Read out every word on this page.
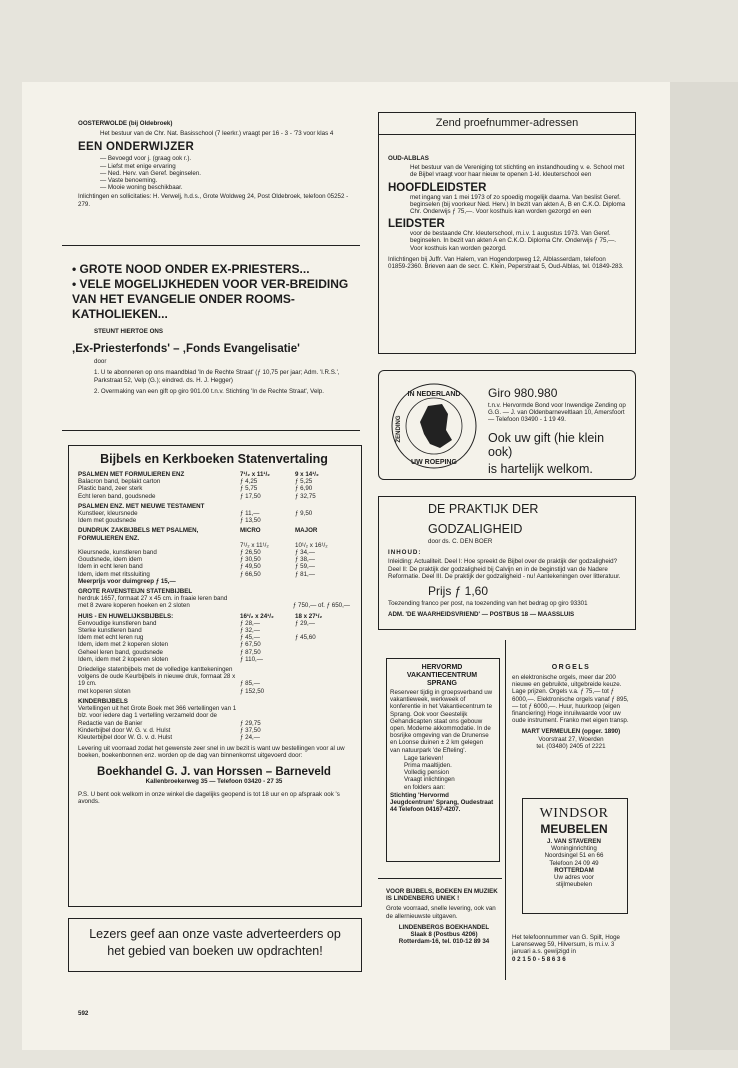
OOSTERWOLDE (bij Oldebroek)
Het bestuur van de Chr. Nat. Basisschool (7 leerkr.) vraagt per 16 - 3 - '73 voor klas 4
EEN ONDERWIJZER
— Bevoegd voor j. (graag ook r.).
— Liefst met enige ervaring
— Ned. Herv. van Geref. beginselen.
— Vaste benoeming.
— Mooie woning beschikbaar.
Inlichtingen en sollicitaties: H. Verwelj, h.d.s., Grote Woldweg 24, Post Oldebroek, telefoon 05252 - 279.
• GROTE NOOD ONDER EX-PRIESTERS...
• VELE MOGELIJKHEDEN VOOR VER-BREIDING VAN HET EVANGELIE ONDER ROOMS-KATHOLIEKEN...
STEUNT HIERTOE ONS
‚Ex-Priesterfonds' – ‚Fonds Evangelisatie'
door
1. U te abonneren op ons maandblad 'In de Rechte Straat' (ƒ 10,75 per jaar; Adm. 'I.R.S.', Parkstraat 52, Velp (G.); eindred. ds. H. J. Hegger)
2. Overmaking van een gift op giro 901.00 t.n.v. Stichting 'In de Rechte Straat', Velp.
Bijbels en Kerkboeken Statenvertaling
PSALMEN MET FORMULIEREN ENZ	7¹/₂ x 11¹/₂	9 x 14¹/₂
Balacron band, beplakt carton	ƒ 4,25	ƒ 5,25
Plastic band, zeer sterk	ƒ 5,75	ƒ 6,90
Echt leren band, goudsnede	ƒ 17,50	ƒ 32,75
PSALMEN ENZ. MET NIEUWE TESTAMENT
Kunstleer, kleursnede	ƒ 11,—	ƒ 9,50
Idem met goudsnede	ƒ 13,50
DUNDRUK ZAKBIJBELS MET PSALMEN, FORMULIEREN ENZ.
MICRO	MAJOR
7¹/₂ x 11¹/₂	10¹/₂ x 16¹/₂
Kleursnede, kunstleren band	ƒ 26,50	ƒ 34,—
Goudsnede, idem idem	ƒ 30,50	ƒ 38,—
Idem in echt leren band	ƒ 49,50	ƒ 59,—
Idem, idem met ritssluiting	ƒ 66,50	ƒ 81,—
Meerprijs voor duimgreep ƒ 15,—
GROTE RAVENSTEIJN STATENBIJBEL
herdruk 1657, formaat 27 x 45 cm. in fraaie leren band met 8 zware koperen hoeken en 2 sloten	ƒ 750,— of. ƒ 650,—
HUIS - EN HUWELIJKSBIJBELS:	16¹/₂ x 24¹/₂	18 x 27¹/₂
Eenvoudige kunstleren band	ƒ 28,—	ƒ 29,—
Sterke kunstleren band	ƒ 32,—
Idem met echt leren rug	ƒ 45,—	ƒ 45,60
Idem, idem met 2 koperen sloten	ƒ 67,50
Geheel leren band, goudsnede	ƒ 87,50
Idem, idem met 2 koperen sloten	ƒ 110,—
Driedelige statenbijbels met de volledige kanttekeningen volgens de oude Keurbijbels in nieuwe druk, formaat 28 x 19 cm.	ƒ 85,—
met koperen sloten	ƒ 152,50
KINDERBIJBELS
Vertellingen uit het Grote Boek met 366 vertellingen van 1 blz. voor iedere dag 1 vertelling verzameld door de Redactie van de Banier	ƒ 29,75
Kinderbijbel door W. G. v. d. Hulst	ƒ 37,50
Kleuterbijbel door W. G. v. d. Hulst	ƒ 24,—
Levering uit voorraad zodat het gewenste zeer snel in uw bezit is want uw bestellingen voor al uw boeken, boekenbonnen enz. worden op de dag van binnenkomst uitgevoerd door:
Boekhandel G. J. van Horssen – Barneveld
Kallenbroekerweg 35 — Telefoon 03420 - 27 35
P.S. U bent ook welkom in onze winkel die dagelijks geopend is tot 18 uur en op afspraak ook 's avonds.
Lezers geef aan onze vaste adverteerders op het gebied van boeken uw opdrachten!
592
Zend proefnummer-adressen
OUD-ALBLAS
Het bestuur van de Vereniging tot stichting en instandhouding v. e. School met de Bijbel vraagt voor haar nieuw te openen 1-kl. kleuterschool een
HOOFDLEIDSTER
met ingang van 1 mei 1973 of zo spoedig mogelijk daarna. Van beslist Geref. beginselen (bij voorkeur Ned. Herv.) In bezit van akten A, B en C.K.O. Diploma Chr. Onderwijs ƒ 75,—. Voor kosthuis kan worden gezorgd en een
LEIDSTER
voor de bestaande Chr. kleuterschool, m.i.v. 1 augustus 1973. Van Geref. beginselen. In bezit van akten A en C.K.O. Diploma Chr. Onderwijs ƒ 75,—. Voor kosthuis kan worden gezorgd.
Inlichtingen bij Juffr. Van Halem, van Hogendorpweg 12, Alblasserdam, telefoon 01859-2360. Brieven aan de secr. C. Klein, Peperstraat 5, Oud-Alblas, tel. 01849-283.
IN NEDERLAND
UW ROEPING
ZENDING
Giro 980.980
t.n.v. Hervormde Bond voor Inwendige Zending op G.G. — J. van Oldenbarneveltlaan 10, Amersfoort — Telefoon 03490 - 1 19 49.
Ook uw gift (hie klein ook)
is hartelijk welkom.
DE PRAKTIJK DER
GODZALIGHEID
door ds. C. DEN BOER
INHOUD:
Inleiding: Actualiteit. Deel I: Hoe spreekt de Bijbel over de praktijk der godzaligheid? Deel II: De praktijk der godzaligheid bij Calvijn en in de beginstijd van de Nadere Reformatie. Deel III. De praktijk der godzaligheid - nu! Aantekeningen over litteratuur.
Prijs ƒ 1,60
Toezending franco per post, na toezending van het bedrag op giro 93301
ADM. 'DE WAARHEIDSVRIEND' — POSTBUS 18 — MAASSLUIS
HERVORMD
VAKANTIECENTRUM
SPRANG
Reserveer tijdig in groepsverband uw vakantieweek, werkweek of konferentie in het Vakantiecentrum te Sprang. Ook voor Geestelijk Gehandicapten staat ons gebouw open. Moderne akkommodatie. In de bosrijke omgeving van de Drunense en Loonse duinen ± 2 km gelegen van natuurpark 'de Efteling'.
Lage tarieven!
Prima maaltijden.
Volledig pension
Vraagt inlichtingen
en folders aan:
Stichting 'Hervormd Jeugdcentrum' Sprang, Oudestraat 44 Telefoon 04167-4207.
VOOR BIJBELS, BOEKEN EN MUZIEK IS LINDENBERG UNIEK !
Grote voorraad, snelle levering, ook van de allernieuwste uitgaven.
LINDENBERGS BOEKHANDEL
Slaak 8 (Postbus 4206)
Rotterdam-16, tel. 010-12 89 34
ORGELS
en elektronische orgels, meer dar 200 nieuwe en gebruikte, uitgebreide keuze. Lage prijzen. Orgels v.a. ƒ 75,— tot ƒ 6000,—. Elektronische orgels vanaf ƒ 895,— tot ƒ 6000,—. Huur, huurkoop (eigen financiering) Hoge inruilwaarde voor uw oude instrument. Franko met eigen transp.
MART VERMEULEN (opger. 1890)
Voorstraat 27, Woerden
tel. (03480) 2405 of 2221
WINDSOR
MEUBELEN
J. VAN STAVEREN
Woninginrichting
Noordsingel 51 en 66
Telefoon 24 09 49
ROTTERDAM
Uw adres voor
stijlmeubelen
Het telefoonnummer van G. Spilt, Hoge Larenseweg 59, Hilversum, is m.i.v. 3 januari a.s. gewijzigd in
0 2 1 5 0 - 5 8 6 3 6
